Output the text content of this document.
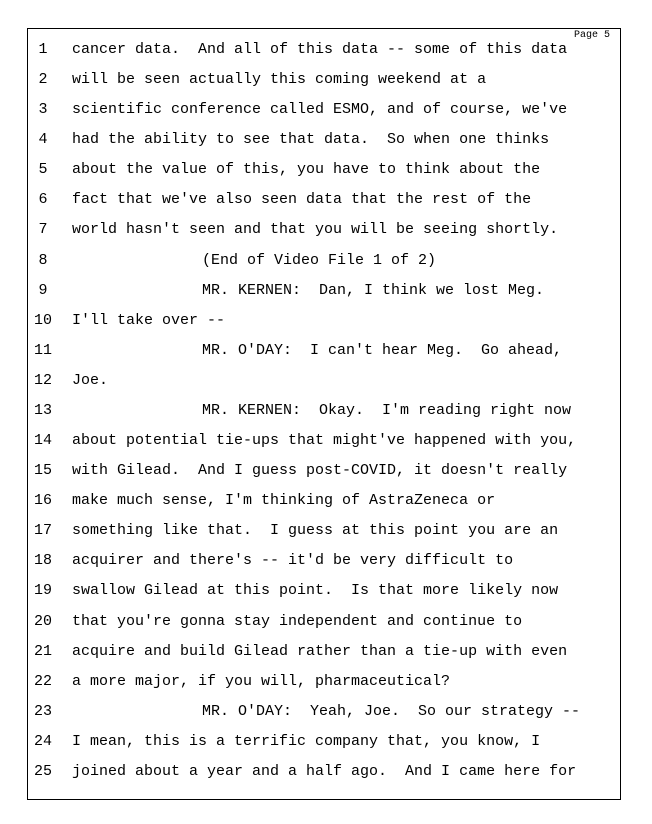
Page 5
1	cancer data.  And all of this data -- some of this data
2	will be seen actually this coming weekend at a
3	scientific conference called ESMO, and of course, we've
4	had the ability to see that data.  So when one thinks
5	about the value of this, you have to think about the
6	fact that we've also seen data that the rest of the
7	world hasn't seen and that you will be seeing shortly.
8	(End of Video File 1 of 2)
9	MR. KERNEN:  Dan, I think we lost Meg.
10	I'll take over --
11	MR. O'DAY:  I can't hear Meg.  Go ahead,
12	Joe.
13	MR. KERNEN:  Okay.  I'm reading right now
14	about potential tie-ups that might've happened with you,
15	with Gilead.  And I guess post-COVID, it doesn't really
16	make much sense, I'm thinking of AstraZeneca or
17	something like that.  I guess at this point you are an
18	acquirer and there's -- it'd be very difficult to
19	swallow Gilead at this point.  Is that more likely now
20	that you're gonna stay independent and continue to
21	acquire and build Gilead rather than a tie-up with even
22	a more major, if you will, pharmaceutical?
23	MR. O'DAY:  Yeah, Joe.  So our strategy --
24	I mean, this is a terrific company that, you know, I
25	joined about a year and a half ago.  And I came here for
